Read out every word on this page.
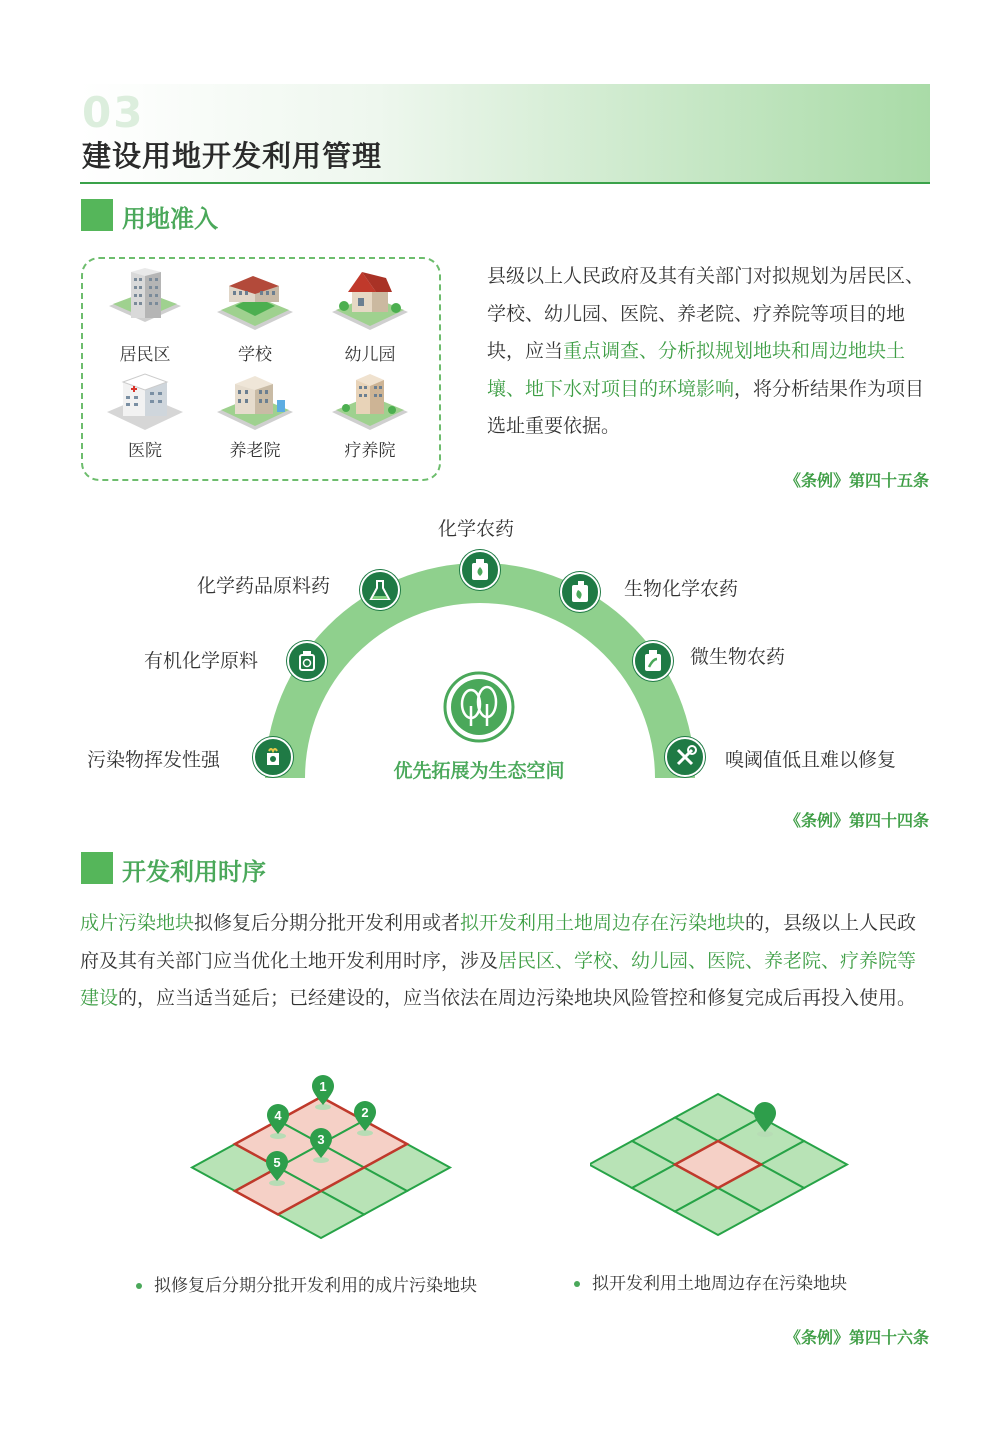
03
建设用地开发利用管理
用地准入
居民区	学校	幼儿园
医院	养老院	疗养院
县级以上人民政府及其有关部门对拟规划为居民区、学校、幼儿园、医院、养老院、疗养院等项目的地块，应当重点调查、分析拟规划地块和周边地块土壤、地下水对项目的环境影响，将分析结果作为项目选址重要依据。
《条例》第四十五条
优先拓展为生态空间
污染物挥发性强
有机化学原料
化学药品原料药
化学农药
生物化学农药
微生物农药
嗅阈值低且难以修复
《条例》第四十四条
开发利用时序
成片污染地块拟修复后分期分批开发利用或者拟开发利用土地周边存在污染地块的，县级以上人民政府及其有关部门应当优化土地开发利用时序，涉及居民区、学校、幼儿园、医院、养老院、疗养院等建设的，应当适当延后；已经建设的，应当依法在周边污染地块风险管控和修复完成后再投入使用。
1
2
3
4
5
拟修复后分期分批开发利用的成片污染地块	拟开发利用土地周边存在污染地块
《条例》第四十六条
